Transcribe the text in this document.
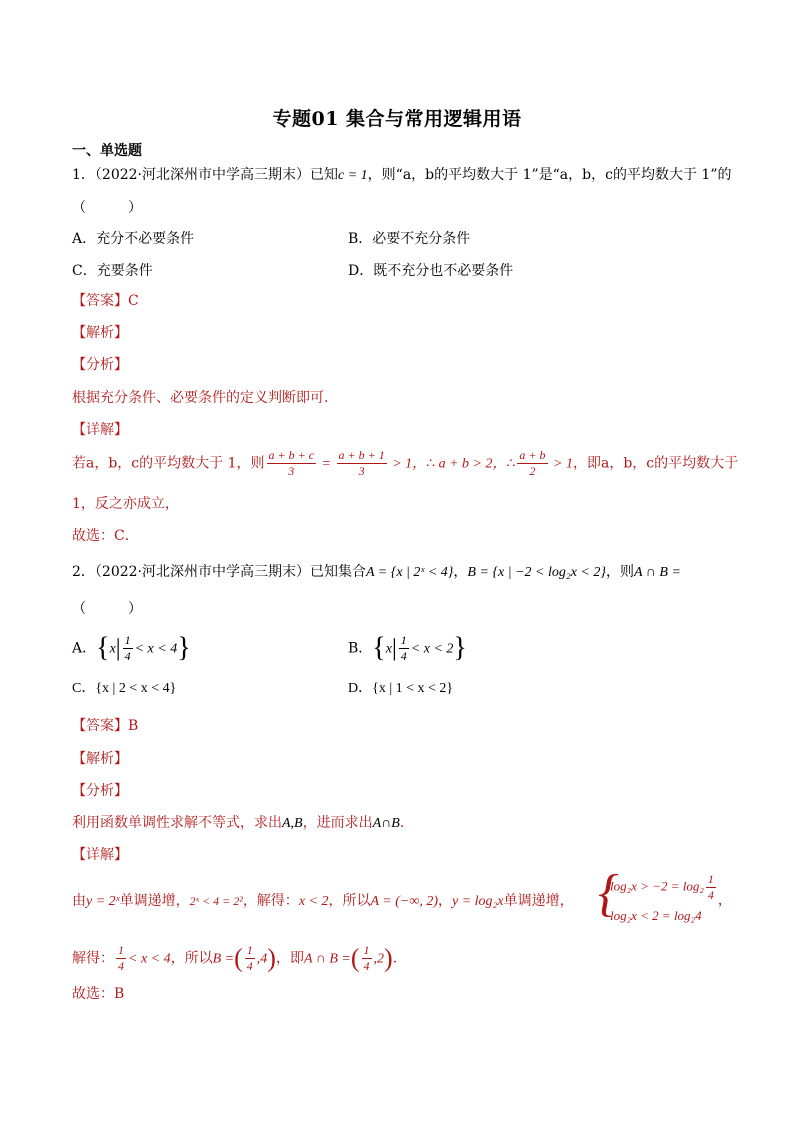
专题01 集合与常用逻辑用语
一、单选题
1．（2022·河北深州市中学高三期末）已知c = 1，则“a，b的平均数大于 1”是“a，b，c的平均数大于 1”的
（　　　）
A．充分不必要条件	B．必要不充分条件
C．充要条件	D．既不充分也不必要条件
【答案】C
【解析】
【分析】
根据充分条件、必要条件的定义判断即可.
【详解】
若a，b，c的平均数大于 1，则 $\frac{a + b + c}{3} = \frac{a + b + 1}{3} > 1$，∴ a + b > 2，∴ $\frac{a + b}{2} > 1$，即a，b，c的平均数大于
1，反之亦成立，
故选：C．
2．（2022·河北深州市中学高三期末）已知集合A = {x | 2ˣ < 4}，B = {x | −2 < log₂x < 2}，则A ∩ B =
（　　　）
A．$\{x| \frac{1}{4} < x < 4\}$	B．$\{x| \frac{1}{4} < x < 2\}$
C．{x | 2 < x < 4}	D．{x | 1 < x < 2}
【答案】B
【解析】
【分析】
利用函数单调性求解不等式，求出A,B，进而求出A∩B.
【详解】
由y = 2ˣ单调递增，2ˣ < 4 = 2²，解得：x < 2，所以A = (−∞, 2)，y = log₂x单调递增， {
$\log_2x > -2 = \log_2 \frac{1}{4}$
log₂x < 2 = log₂4
，
解得： $\frac{1}{4} < x < 4$，所以B =( $\frac{1}{4} ,4$)，即A ∩ B =( $\frac{1}{4} ,2$).
故选：B
